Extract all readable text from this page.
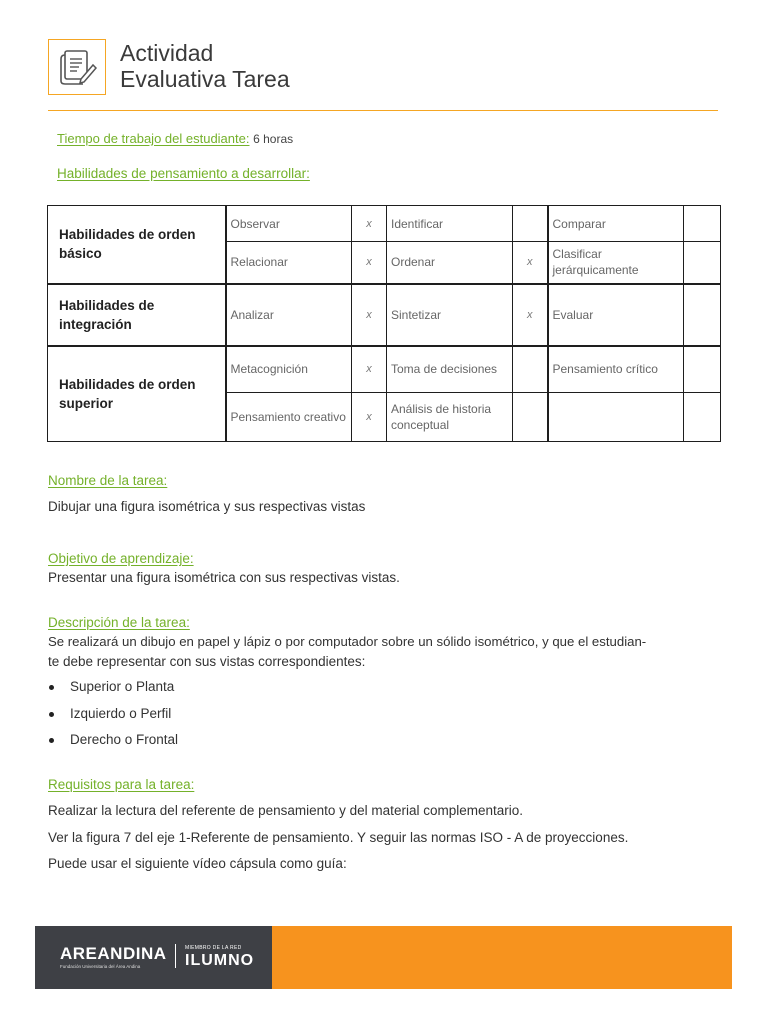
Actividad
Evaluativa Tarea
Tiempo de trabajo del estudiante: 6 horas
Habilidades de pensamiento a desarrollar:
Habilidades de orden básico	Observar	x	Identificar		Comparar	
	Relacionar	x	Ordenar	x	Clasificar jerárquicamente	
Habilidades de integración	Analizar	x	Sintetizar	x	Evaluar	
Habilidades de orden superior	Metacognición	x	Toma de decisiones		Pensamiento crítico	
	Pensamiento creativo	x	Análisis de historia conceptual			
Nombre de la tarea:
Dibujar una figura isométrica y sus respectivas vistas
Objetivo de aprendizaje:
Presentar una figura isométrica con sus respectivas vistas.
Descripción de la tarea:
Se realizará un dibujo en papel y lápiz o por computador sobre un sólido isométrico, y que el estudian-
te debe representar con sus vistas correspondientes:
Superior o Planta
Izquierdo o Perfil
Derecho o Frontal
Requisitos para la tarea:
Realizar la lectura del referente de pensamiento y del material complementario.
Ver la figura 7 del eje 1-Referente de pensamiento. Y seguir las normas ISO - A de proyecciones.
Puede usar el siguiente vídeo cápsula como guía:
AREANDINA
Fundación Universitaria del Área Andina
MIEMBRO DE LA RED
ILUMNO
